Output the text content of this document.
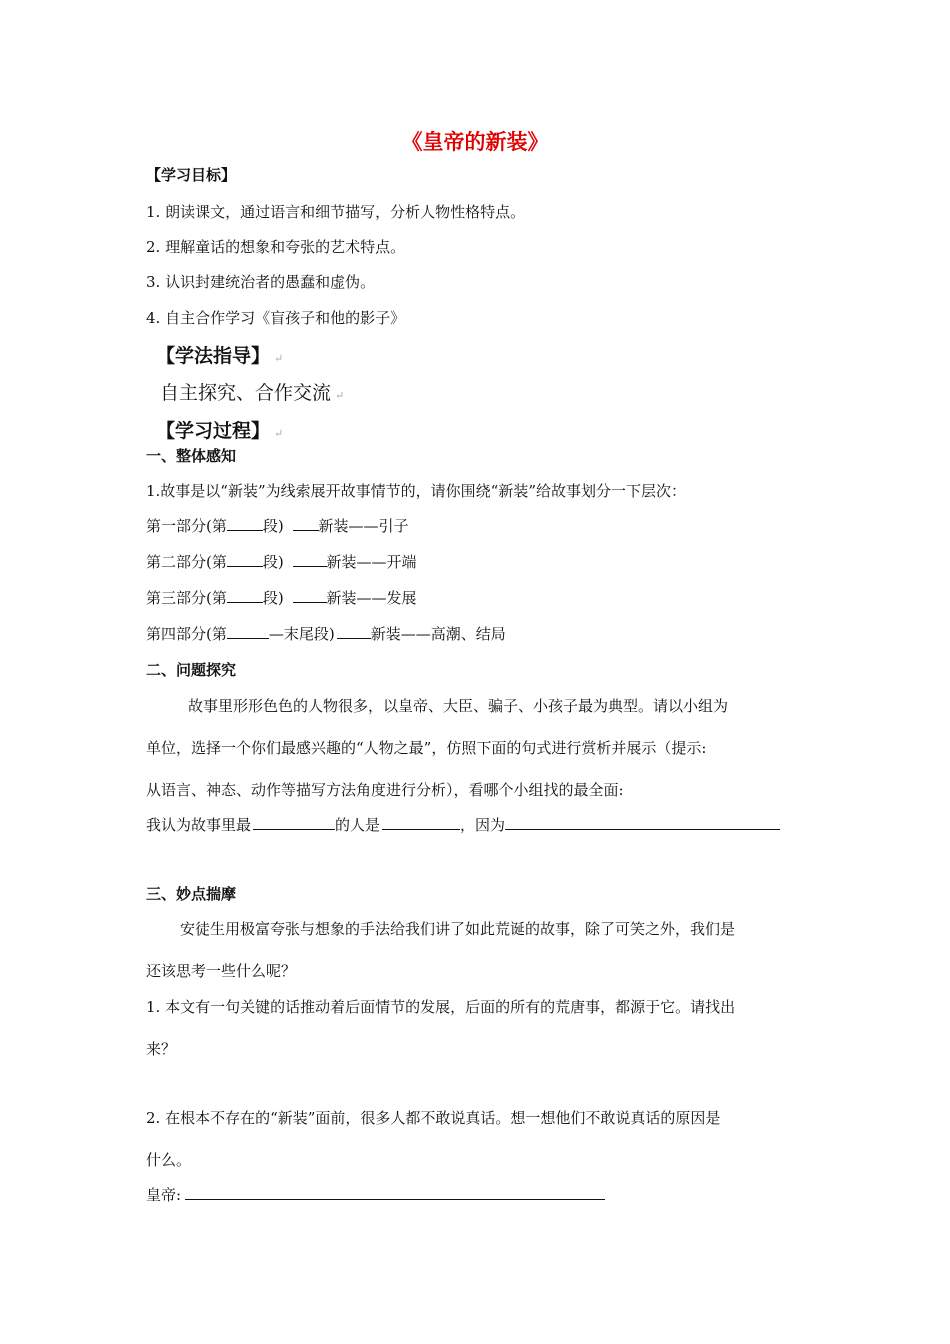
《皇帝的新装》
【学习目标】
1. 朗读课文，通过语言和细节描写，分析人物性格特点。
2. 理解童话的想象和夸张的艺术特点。
3. 认识封建统治者的愚蠢和虚伪。
4. 自主合作学习《盲孩子和他的影子》
【学法指导】 ↵
自主探究、合作交流 ↵
【学习过程】 ↵
一、整体感知
1.故事是以“新装”为线索展开故事情节的，请你围绕“新装”给故事划分一下层次：
第一部分(第 段) 新装——引子
第二部分(第 段)	新装——开端
第三部分(第 段)	新装——发展
第四部分(第	—末尾段) 新装——高潮、结局
二、问题探究
故事里形形色色的人物很多，以皇帝、大臣、骗子、小孩子最为典型。请以小组为
单位，选择一个你们最感兴趣的“人物之最”，仿照下面的句式进行赏析并展示（提示:
从语言、神态、动作等描写方法角度进行分析），看哪个小组找的最全面:
我认为故事里最	的人是	，因为
三、妙点揣摩
安徒生用极富夸张与想象的手法给我们讲了如此荒诞的故事，除了可笑之外，我们是
还该思考一些什么呢？
1. 本文有一句关键的话推动着后面情节的发展，后面的所有的荒唐事，都源于它。请找出
来？
2. 在根本不存在的“新装”面前，很多人都不敢说真话。想一想他们不敢说真话的原因是
什么。
皇帝:
